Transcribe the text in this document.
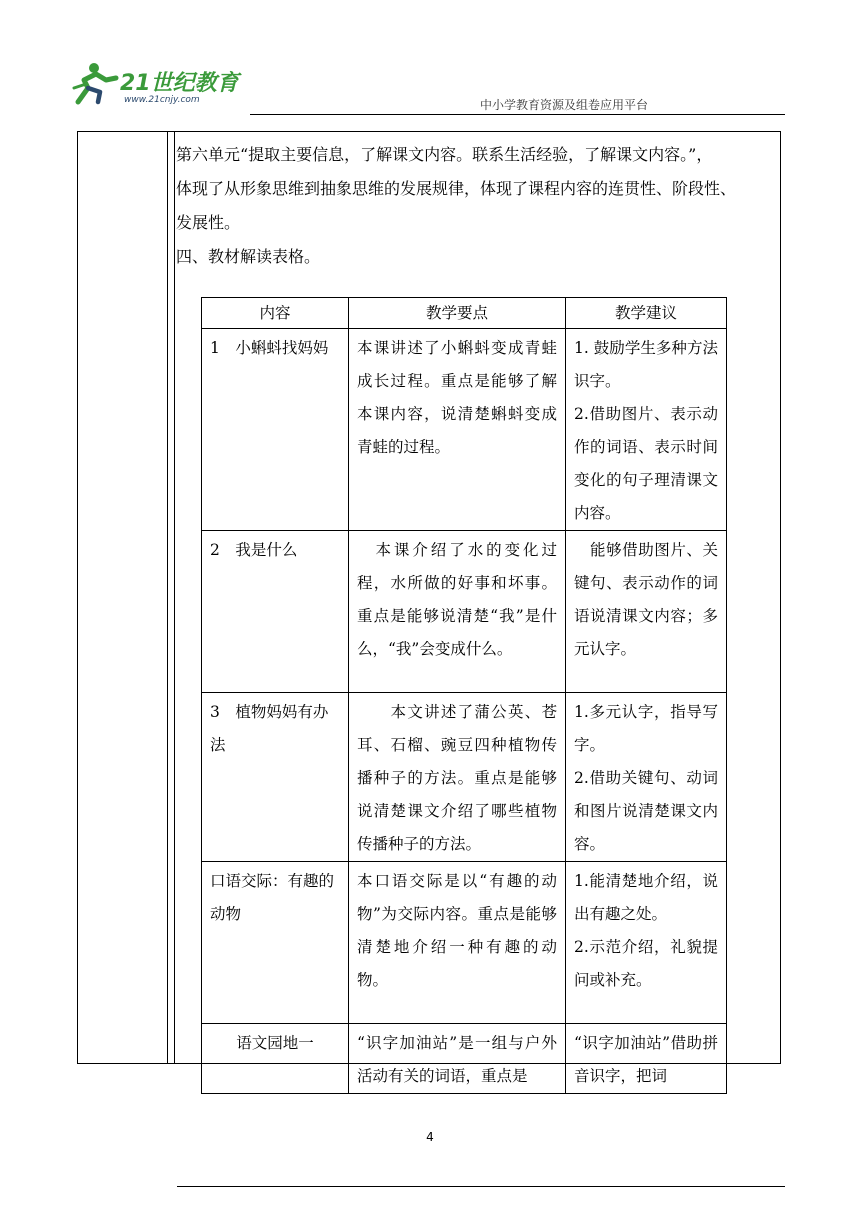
21世纪教育
www.21cnjy.com	中小学教育资源及组卷应用平台

第六单元“提取主要信息，了解课文内容。联系生活经验，了解课文内容。”，

体现了从形象思维到抽象思维的发展规律，体现了课程内容的连贯性、阶段性、

发展性。

四、教材解读表格。

内容	教学要点	教学建议
1　小蝌蚪找妈妈	本课讲述了小蝌蚪变成青蛙成长过程。重点是能够了解本课内容，说清楚蝌蚪变成青蛙的过程。	1. 鼓励学生多种方法识字。
2.借助图片、表示动作的词语、表示时间变化的句子理清课文内容。

2　我是什么	　本课介绍了水的变化过程，水所做的好事和坏事。重点是能够说清楚“我”是什么，“我”会变成什么。	　能够借助图片、关键句、表示动作的词语说清课文内容；多元认字。

3　植物妈妈有办法	　　本文讲述了蒲公英、苍耳、石榴、豌豆四种植物传播种子的方法。重点是能够说清楚课文介绍了哪些植物传播种子的方法。	1.多元认字，指导写字。
2.借助关键句、动词和图片说清楚课文内容。

口语交际：有趣的动物	本口语交际是以“有趣的动物”为交际内容。重点是能够清楚地介绍一种有趣的动物。	1.能清楚地介绍，说出有趣之处。
2.示范介绍，礼貌提问或补充。

语文园地一	“识字加油站”是一组与户外活动有关的词语，重点是	“识字加油站”借助拼音识字，把词
4
